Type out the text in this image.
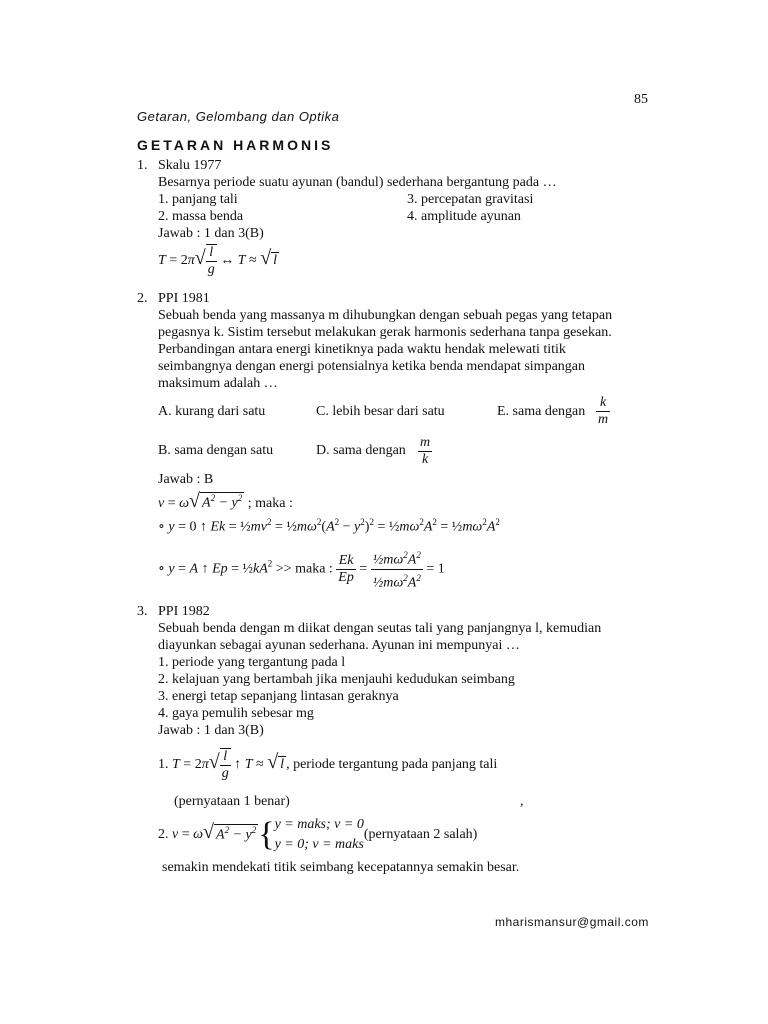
85
Getaran, Gelombang dan Optika
GETARAN HARMONIS
1. Skalu 1977
Besarnya periode suatu ayunan (bandul) sederhana bergantung pada …
1. panjang tali	3. percepatan gravitasi
2. massa benda	4. amplitude ayunan
Jawab : 1 dan 3(B)
$T = 2\pi√ \frac{l}{g}$ ↔ T ≈ √ l
2. PPI 1981
Sebuah benda yang massanya m dihubungkan dengan sebuah pegas yang tetapan
pegasnya k. Sistim tersebut melakukan gerak harmonis sederhana tanpa gesekan.
Perbandingan antara energi kinetiknya pada waktu hendak melewati titik
seimbangnya dengan energi potensialnya ketika benda mendapat simpangan
maksimum adalah …
A. kurang dari satu	C. lebih besar dari satu	E. sama dengan $\frac{k}{m}$
B. sama dengan satu	D. sama dengan $\frac{m}{k}$
Jawab : B
v = ω√ $A^2 - y^2$ ; maka :
∘ y = 0 ↑ $Ek = \frac{1}{2}mv^2$ = $\frac{1}{2}m\omega^2(A^2 - y^2)^2$ = $\frac{1}{2}m\omega^2A^2$ = $\frac{1}{2}m\omega^2A^2$
∘ y = A ↑ $Ep = \frac{1}{2}kA^2$ >> maka : $\frac{Ek}{Ep} = \frac{\frac{1}{2}m\omega^2A^2}{\frac{1}{2}m\omega^2A^2} = 1$
3. PPI 1982
Sebuah benda dengan m diikat dengan seutas tali yang panjangnya l, kemudian
diayunkan sebagai ayunan sederhana. Ayunan ini mempunyai …
1. periode yang tergantung pada l
2. kelajuan yang bertambah jika menjauhi kedudukan seimbang
3. energi tetap sepanjang lintasan geraknya
4. gaya pemulih sebesar mg
Jawab : 1 dan 3(B)
1. $T = 2\pi√ \frac{l}{g}$ ↑ T ≈ √ l , periode tergantung pada panjang tali
(pernyataan 1 benar)	,
2. v = ω√ $A^2 - y^2${ y = maks; v = 0
y = 0; v = maks
(pernyataan 2 salah)
semakin mendekati titik seimbang kecepatannya semakin besar.
mharismansur@gmail.com
